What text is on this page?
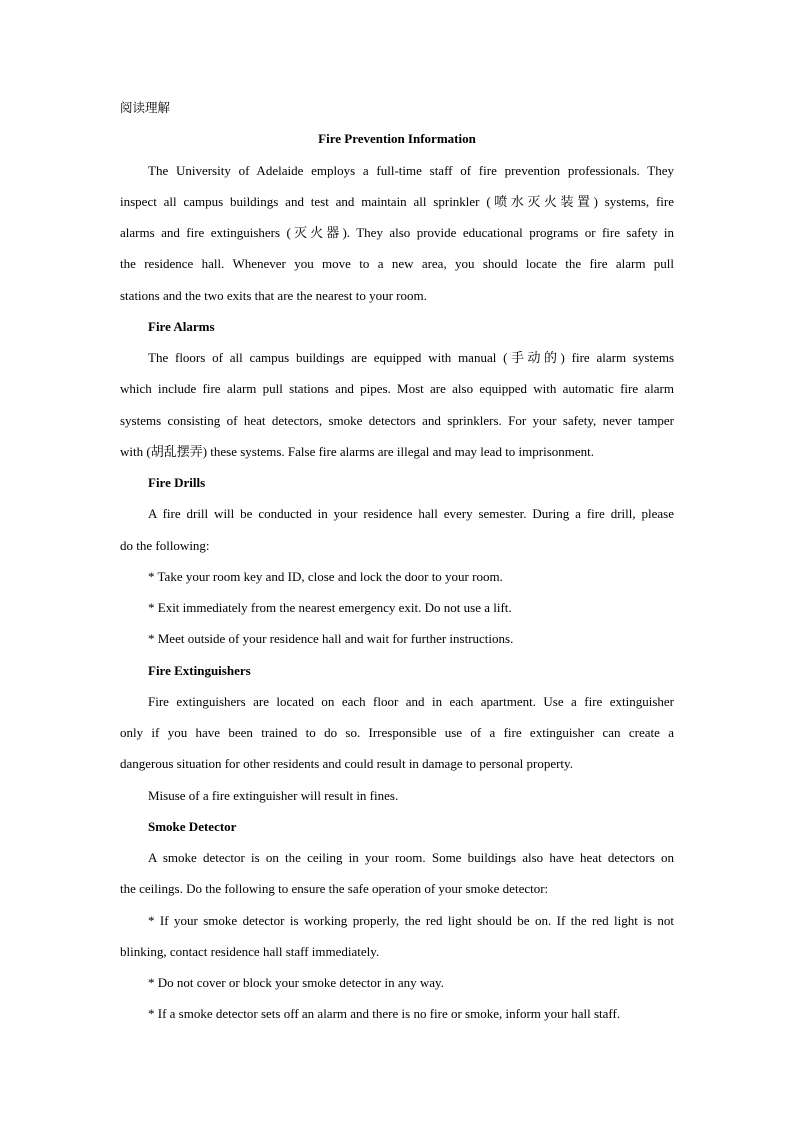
阅读理解
Fire Prevention Information
The University of Adelaide employs a full-time staff of fire prevention professionals. They
inspect all campus buildings and test and maintain all sprinkler (喷水灭火装置) systems, fire
alarms and fire extinguishers (灭火器). They also provide educational programs or fire safety in
the residence hall. Whenever you move to a new area, you should locate the fire alarm pull
stations and the two exits that are the nearest to your room.
Fire Alarms
The floors of all campus buildings are equipped with manual (手动的) fire alarm systems
which include fire alarm pull stations and pipes. Most are also equipped with automatic fire alarm
systems consisting of heat detectors, smoke detectors and sprinklers. For your safety, never tamper
with (胡乱摆弄) these systems. False fire alarms are illegal and may lead to imprisonment.
Fire Drills
A fire drill will be conducted in your residence hall every semester. During a fire drill, please
do the following:
* Take your room key and ID, close and lock the door to your room.
* Exit immediately from the nearest emergency exit. Do not use a lift.
* Meet outside of your residence hall and wait for further instructions.
Fire Extinguishers
Fire extinguishers are located on each floor and in each apartment. Use a fire extinguisher
only if you have been trained to do so. Irresponsible use of a fire extinguisher can create a
dangerous situation for other residents and could result in damage to personal property.
Misuse of a fire extinguisher will result in fines.
Smoke Detector
A smoke detector is on the ceiling in your room. Some buildings also have heat detectors on
the ceilings. Do the following to ensure the safe operation of your smoke detector:
* If your smoke detector is working properly, the red light should be on. If the red light is not
blinking, contact residence hall staff immediately.
* Do not cover or block your smoke detector in any way.
* If a smoke detector sets off an alarm and there is no fire or smoke, inform your hall staff.
